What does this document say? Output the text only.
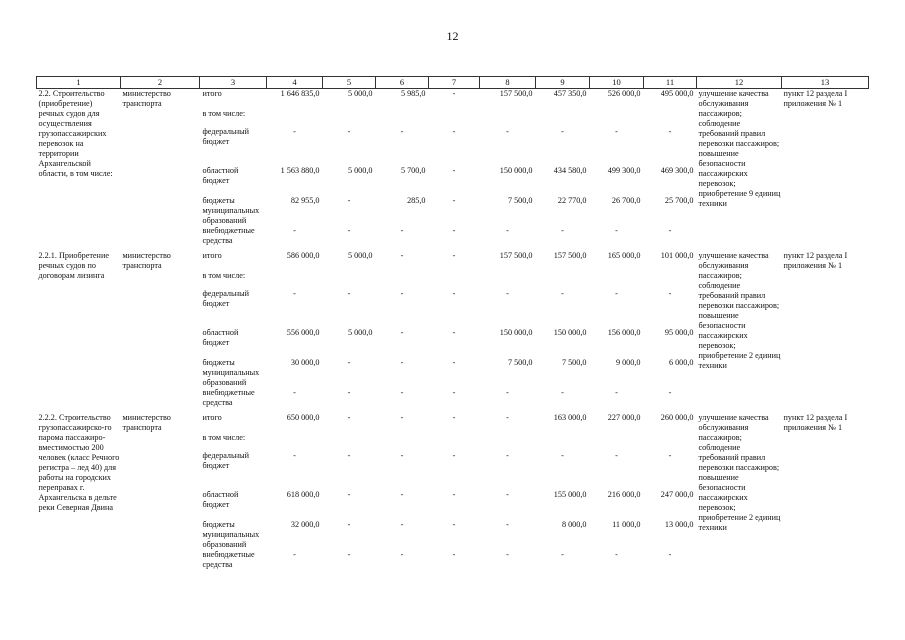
12
1	2	3	4	5	6	7	8	9	10	11	12	13
2.2. Строительство (приобретение) речных судов для осуществления грузопассажирских перевозок на территории Архангельской области, в том числе:	министерство транспорта	итого	1 646 835,0	5 000,0	5 985,0	-	157 500,0	457 350,0	526 000,0	495 000,0	улучшение качества обслуживания пассажиров; соблюдение требований правил перевозки пассажиров; повышение безопасности пассажирских перевозок; приобретение 9 единиц техники	пункт 12 раздела I приложения № 1
		в том числе:										
		федеральный бюджет	-	-	-	-	-	-	-	-		
		областной бюджет	1 563 880,0	5 000,0	5 700,0	-	150 000,0	434 580,0	499 300,0	469 300,0		
		бюджеты муниципальных образований	82 955,0	-	285,0	-	7 500,0	22 770,0	26 700,0	25 700,0		
		внебюджетные средства	-	-	-	-	-	-	-	-		
2.2.1. Приобретение речных судов по договорам лизинга	министерство транспорта	итого	586 000,0	5 000,0	-	-	157 500,0	157 500,0	165 000,0	101 000,0	улучшение качества обслуживания пассажиров; соблюдение требований правил перевозки пассажиров; повышение безопасности пассажирских перевозок; приобретение 2 единиц техники	пункт 12 раздела I приложения № 1
		в том числе:										
		федеральный бюджет	-	-	-	-	-	-	-	-		
		областной бюджет	556 000,0	5 000,0	-	-	150 000,0	150 000,0	156 000,0	95 000,0		
		бюджеты муниципальных образований	30 000,0	-	-	-	7 500,0	7 500,0	9 000,0	6 000,0		
		внебюджетные средства	-	-	-	-	-	-	-	-		
2.2.2. Строительство грузопассажирско-го парома пассажиро-вместимостью 200 человек (класс Речного регистра – лед 40) для работы на городских переправах г. Архангельска в дельте реки Северная Двина	министерство транспорта	итого	650 000,0	-	-	-	-	163 000,0	227 000,0	260 000,0	улучшение качества обслуживания пассажиров; соблюдение требований правил перевозки пассажиров; повышение безопасности пассажирских перевозок; приобретение 2 единиц техники	пункт 12 раздела I приложения № 1
		в том числе:										
		федеральный бюджет	-	-	-	-	-	-	-	-		
		областной бюджет	618 000,0	-	-	-	-	155 000,0	216 000,0	247 000,0		
		бюджеты муниципальных образований	32 000,0	-	-	-	-	8 000,0	11 000,0	13 000,0		
		внебюджетные средства	-	-	-	-	-	-	-	-		
